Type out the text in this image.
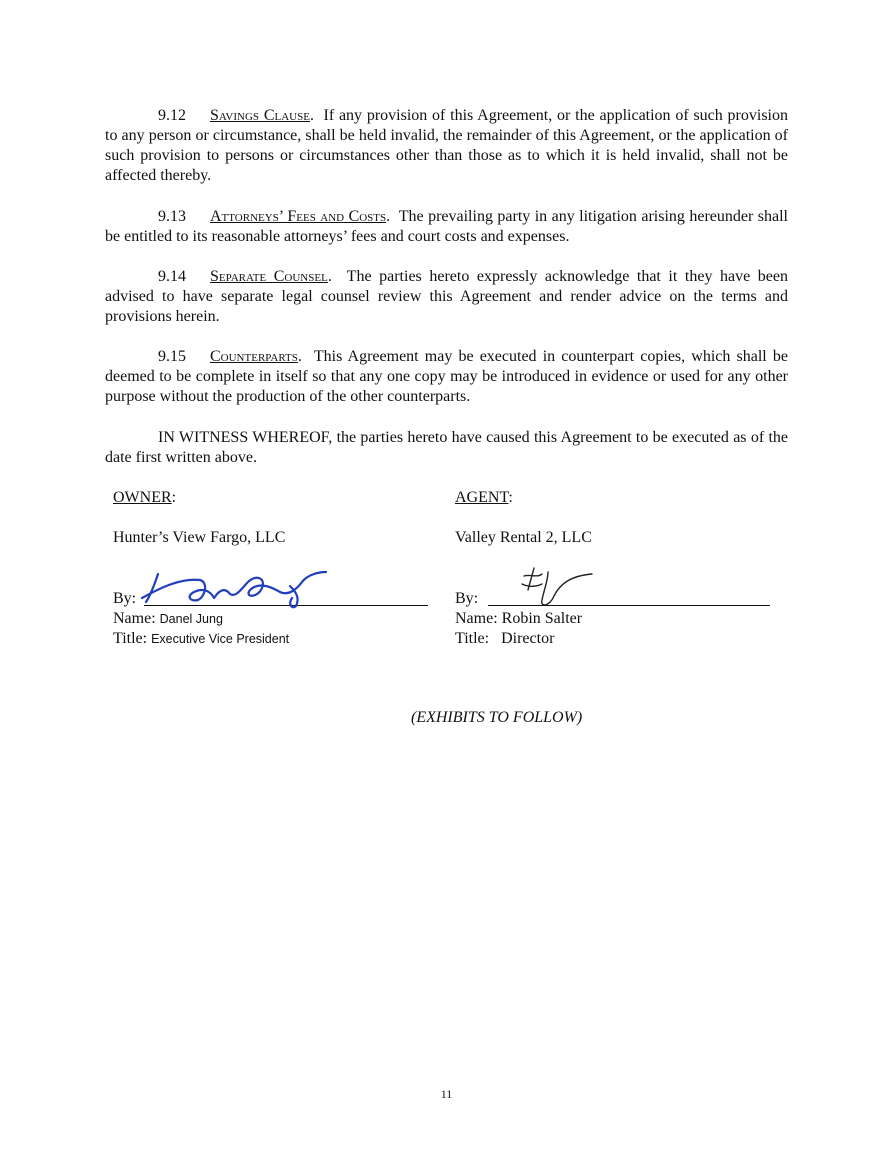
9.12 Savings Clause.  If any provision of this Agreement, or the application of such provision to any person or circumstance, shall be held invalid, the remainder of this Agreement, or the application of such provision to persons or circumstances other than those as to which it is held invalid, shall not be affected thereby.

9.13 Attorneys’ Fees and Costs.  The prevailing party in any litigation arising hereunder shall be entitled to its reasonable attorneys’ fees and court costs and expenses.

9.14 Separate Counsel.  The parties hereto expressly acknowledge that it they have been advised to have separate legal counsel review this Agreement and render advice on the terms and provisions herein.

9.15 Counterparts.  This Agreement may be executed in counterpart copies, which shall be deemed to be complete in itself so that any one copy may be introduced in evidence or used for any other purpose without the production of the other counterparts.

IN WITNESS WHEREOF, the parties hereto have caused this Agreement to be executed as of the date first written above.

OWNER:
Hunter’s View Fargo, LLC
By:
Name: Danel Jung
Title: Executive Vice President
AGENT:
Valley Rental 2, LLC
By:
Name: Robin Salter
Title: Director
(EXHIBITS TO FOLLOW)
11
